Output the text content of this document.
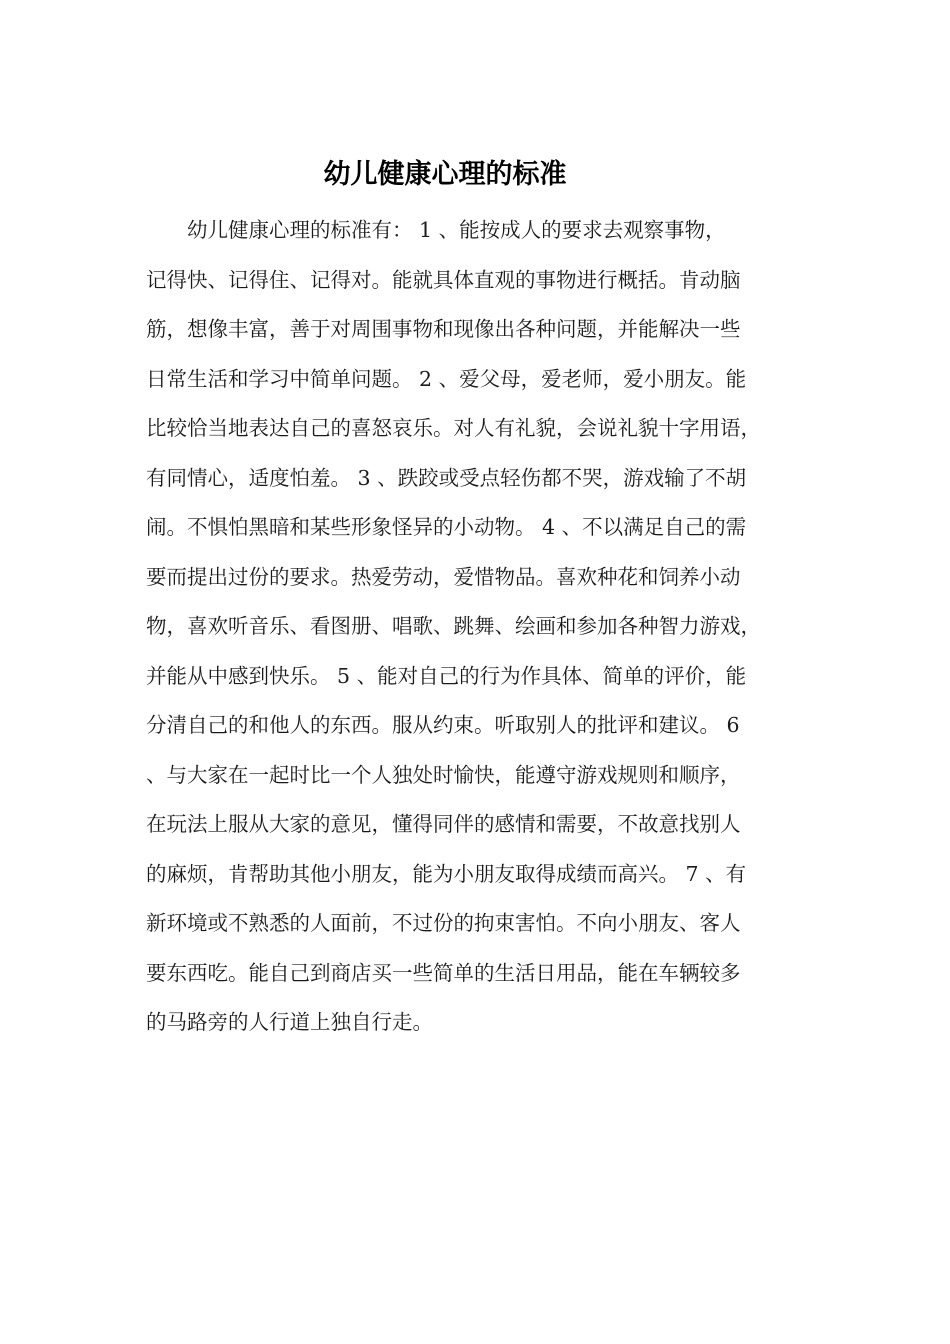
幼儿健康心理的标准
　　幼儿健康心理的标准有： 1 、能按成人的要求去观察事物，
记得快、记得住、记得对。能就具体直观的事物进行概括。肯动脑
筋，想像丰富，善于对周围事物和现像出各种问题，并能解决一些
日常生活和学习中简单问题。 2 、爱父母，爱老师，爱小朋友。能
比较恰当地表达自己的喜怒哀乐。对人有礼貌，会说礼貌十字用语，
有同情心，适度怕羞。 3 、跌跤或受点轻伤都不哭，游戏输了不胡
闹。不惧怕黑暗和某些形象怪异的小动物。 4 、不以满足自己的需
要而提出过份的要求。热爱劳动，爱惜物品。喜欢种花和饲养小动
物，喜欢听音乐、看图册、唱歌、跳舞、绘画和参加各种智力游戏，
并能从中感到快乐。 5 、能对自己的行为作具体、简单的评价，能
分清自己的和他人的东西。服从约束。听取别人的批评和建议。 6
、与大家在一起时比一个人独处时愉快，能遵守游戏规则和顺序，
在玩法上服从大家的意见，懂得同伴的感情和需要，不故意找别人
的麻烦，肯帮助其他小朋友，能为小朋友取得成绩而高兴。 7 、有
新环境或不熟悉的人面前，不过份的拘束害怕。不向小朋友、客人
要东西吃。能自己到商店买一些简单的生活日用品，能在车辆较多
的马路旁的人行道上独自行走。
